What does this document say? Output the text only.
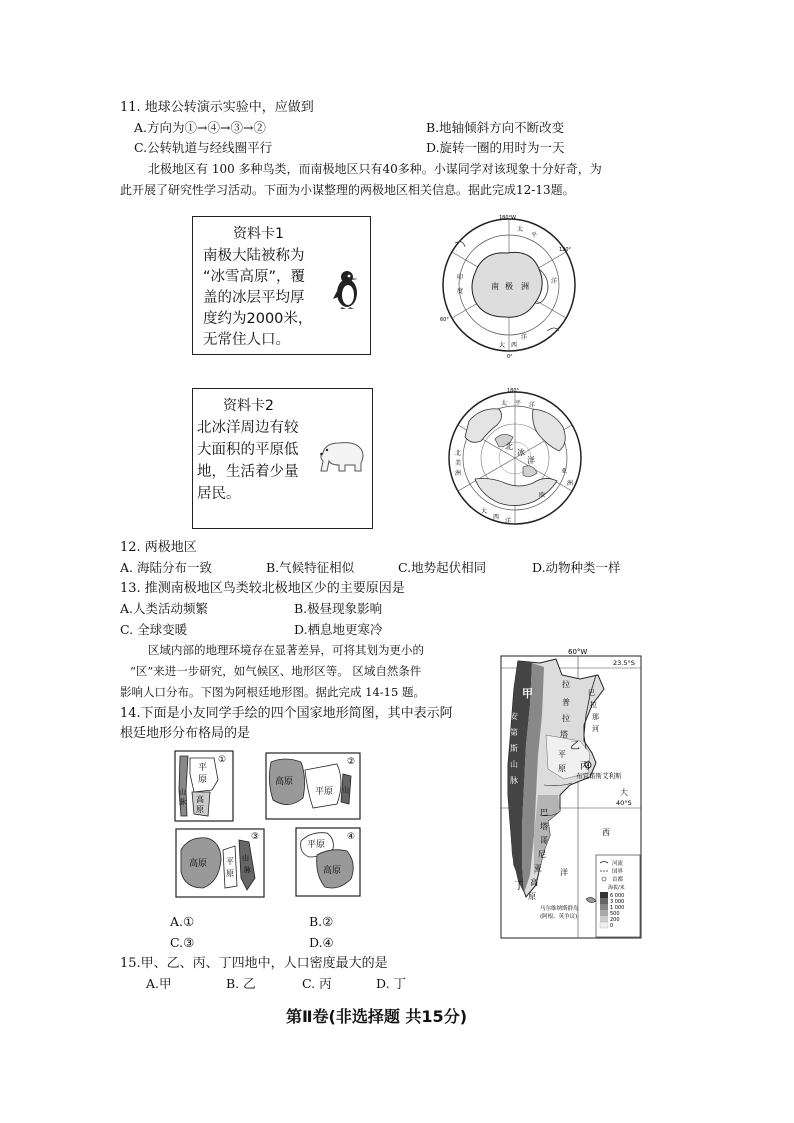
11. 地球公转演示实验中，应做到
A.方向为①→④→③→②	B.地轴倾斜方向不断改变
C.公转轨道与经线圈平行	D.旋转一圈的用时为一天
北极地区有 100 多种鸟类，而南极地区只有40多种。小谋同学对该现象十分好奇，为
此开展了研究性学习活动。下面为小谋整理的两极地区相关信息。据此完成12-13题。
资料卡1
南极大陆被称为
“冰雪高原”，覆
盖的冰层平均厚
度约为2000米，
无常住人口。
180°W
120°
60°
0°
南 极 洲
大 西
洋
太
平
洋
印
度
资料卡2
北冰洋周边有较
大面积的平原低
地，生活着少量
居民。
180°
北
冰
洋
太 平 洋
大
西
洋
亚
洲
欧
北
美
洲
12. 两极地区
A. 海陆分布一致	B.气候特征相似	C.地势起伏相同	D.动物种类一样
13. 推测南极地区鸟类较北极地区少的主要原因是
A.人类活动频繁	B.极昼现象影响
C. 全球变暖	D.栖息地更寒冷
区域内部的地理环境存在显著差异，可将其划为更小的
“区”来进一步研究，如气候区、地形区等。 区域自然条件
影响人口分布。下图为阿根廷地形图。据此完成 14-15 题。
14.下面是小友同学手绘的四个国家地形简图，其中表示阿
根廷地形分布格局的是
①
平
原
山
脉 高
原
②
高原
平原 山
③
高原 平
原
山
脉
④
平原
高原
A.①	B.②
C.③	D.④
60°W
23.5°S
40°S
甲
乙
丙
丁
拉
普
拉
塔
平
原
巴
拉
那
河
布宜诺斯艾利斯
大
西
洋
安
第
斯
山
脉
巴
塔
哥
尼
亚
高
原
马尔维纳斯群岛
(阿根、英争议)
河流
国界
首都
海拔/米
6 000
3 000
1 000
500
200
0
15.甲、乙、丙、丁四地中，人口密度最大的是
A.甲	B. 乙	C. 丙	D. 丁
第Ⅱ卷(非选择题 共15分)
